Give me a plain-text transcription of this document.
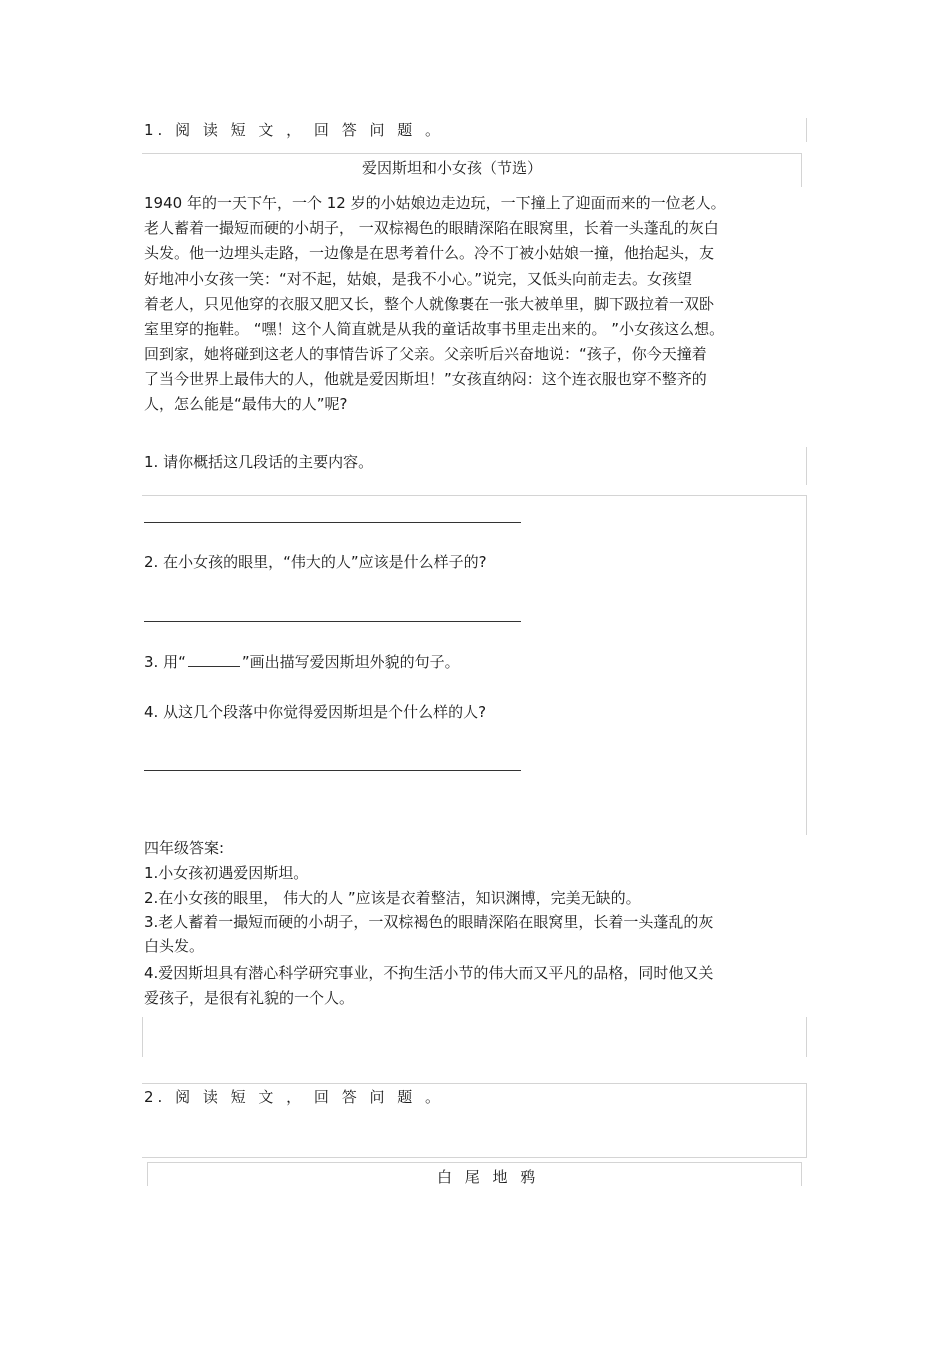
1. 阅 读 短 文 ， 回 答 问 题 。
爱因斯坦和小女孩（节选）
1940 年的一天下午，一个 12 岁的小姑娘边走边玩，一下撞上了迎面而来的一位老人。
老人蓄着一撮短而硬的小胡子， 一双棕褐色的眼睛深陷在眼窝里，长着一头蓬乱的灰白
头发。他一边埋头走路，一边像是在思考着什么。冷不丁被小姑娘一撞，他抬起头，友
好地冲小女孩一笑：“对不起，姑娘，是我不小心。”说完，又低头向前走去。女孩望
着老人，只见他穿的衣服又肥又长，整个人就像裹在一张大被单里，脚下趿拉着一双卧
室里穿的拖鞋。 “嘿！这个人简直就是从我的童话故事书里走出来的。 ”小女孩这么想。
回到家，她将碰到这老人的事情告诉了父亲。父亲听后兴奋地说：“孩子，你今天撞着
了当今世界上最伟大的人，他就是爱因斯坦！”女孩直纳闷：这个连衣服也穿不整齐的
人，怎么能是“最伟大的人”呢?
1. 请你概括这几段话的主要内容。
2. 在小女孩的眼里，“伟大的人”应该是什么样子的?
3. 用“	”画出描写爱因斯坦外貌的句子。
4. 从这几个段落中你觉得爱因斯坦是个什么样的人?
四年级答案:
1.小女孩初遇爱因斯坦。
2.在小女孩的眼里， 伟大的人 ”应该是衣着整洁，知识渊博，完美无缺的。
3.老人蓄着一撮短而硬的小胡子，一双棕褐色的眼睛深陷在眼窝里，长着一头蓬乱的灰
白头发。
4.爱因斯坦具有潜心科学研究事业，不拘生活小节的伟大而又平凡的品格，同时他又关
爱孩子，是很有礼貌的一个人。
2. 阅 读 短 文 ， 回 答 问 题 。
白 尾 地 鸦
